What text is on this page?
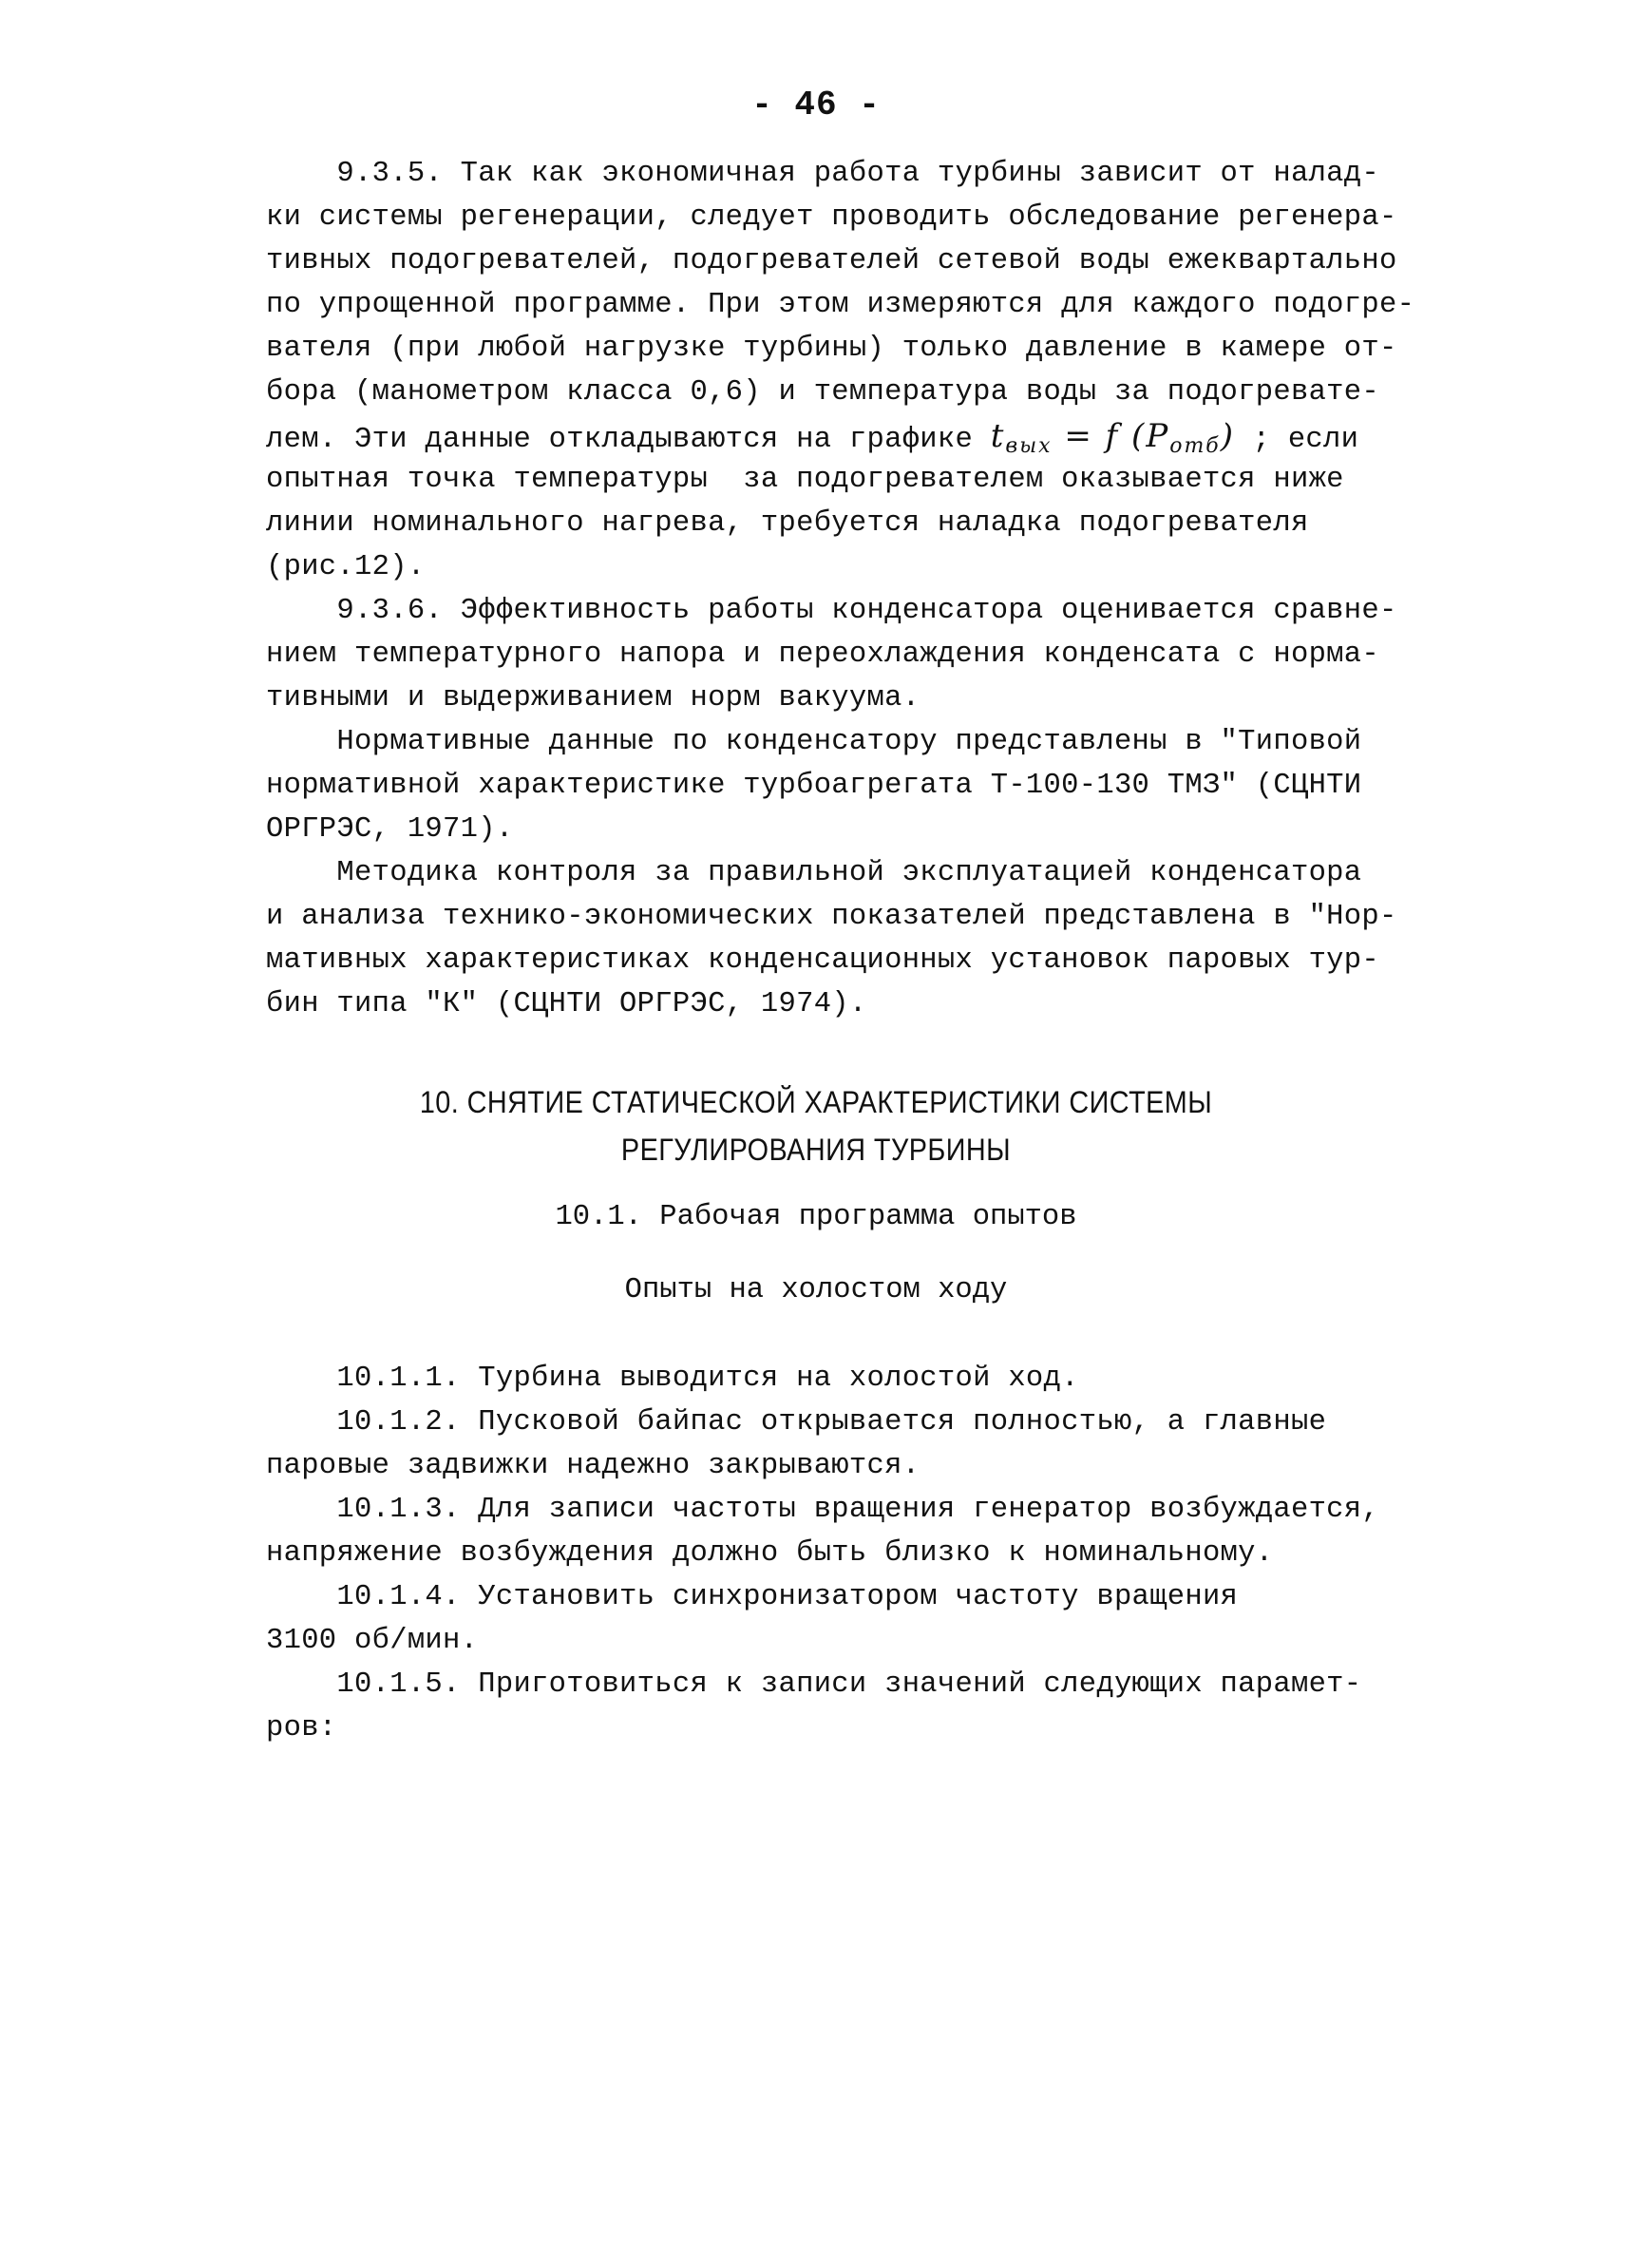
- 46 -
9.3.5. Так как экономичная работа турбины зависит от налад-
ки системы регенерации, следует проводить обследование регенера-
тивных подогревателей, подогревателей сетевой воды ежеквартально
по упрощенной программе. При этом измеряются для каждого подогре-
вателя (при любой нагрузке турбины) только давление в камере от-
бора (манометром класса 0,6) и температура воды за подогревате-
лем. Эти данные откладываются на графике $t_{вых} = f$ $(P_{отб})$ ; если
опытная точка температуры  за подогревателем оказывается ниже
линии номинального нагрева, требуется наладка подогревателя
(рис.12).
9.3.6. Эффективность работы конденсатора оценивается сравне-
нием температурного напора и переохлаждения конденсата с норма-
тивными и выдерживанием норм вакуума.
Нормативные данные по конденсатору представлены в "Типовой
нормативной характеристике турбоагрегата Т-100-130 ТМЗ" (СЦНТИ
ОРГРЭС, 1971).
Методика контроля за правильной эксплуатацией конденсатора
и анализа технико-экономических показателей представлена в "Нор-
мативных характеристиках конденсационных установок паровых тур-
бин типа "К" (СЦНТИ ОРГРЭС, 1974).
10. СНЯТИЕ СТАТИЧЕСКОЙ ХАРАКТЕРИСТИКИ СИСТЕМЫ
РЕГУЛИРОВАНИЯ ТУРБИНЫ
10.1. Рабочая программа опытов
Опыты на холостом ходу
10.1.1. Турбина выводится на холостой ход.
10.1.2. Пусковой байпас открывается полностью, а главные
паровые задвижки надежно закрываются.
10.1.3. Для записи частоты вращения генератор возбуждается,
напряжение возбуждения должно быть близко к номинальному.
10.1.4. Установить синхронизатором частоту вращения
3100 об/мин.
10.1.5. Приготовиться к записи значений следующих парамет-
ров:
